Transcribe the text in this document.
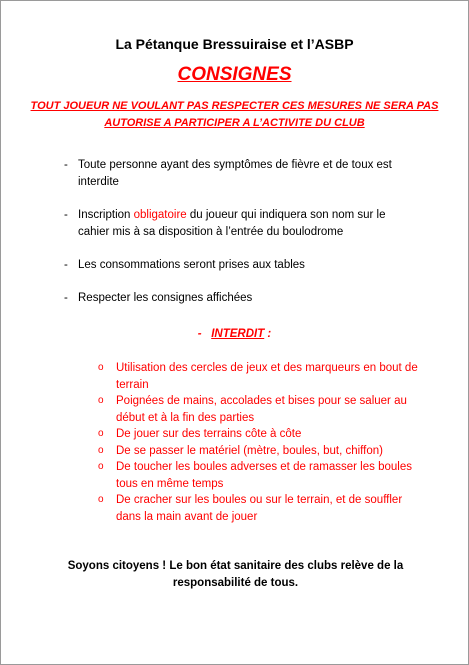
La Pétanque Bressuiraise et l’ASBP
CONSIGNES
TOUT JOUEUR NE VOULANT PAS RESPECTER CES MESURES NE SERA PAS AUTORISE A PARTICIPER A L’ACTIVITE DU CLUB
- Toute personne ayant des symptômes de fièvre et de toux est interdite
- Inscription obligatoire du joueur qui indiquera son nom sur le cahier mis à sa disposition à l’entrée du boulodrome
- Les consommations seront prises aux tables
- Respecter les consignes affichées
- INTERDIT :
o Utilisation des cercles de jeux et des marqueurs en bout de terrain
o Poignées de mains, accolades et bises pour se saluer au début et à la fin des parties
o De jouer sur des terrains côte à côte
o De se passer le matériel (mètre, boules, but, chiffon)
o De toucher les boules adverses et de ramasser les boules tous en même temps
o De cracher sur les boules ou sur le terrain, et de souffler dans la main avant de jouer
Soyons citoyens ! Le bon état sanitaire des clubs relève de la responsabilité de tous.
